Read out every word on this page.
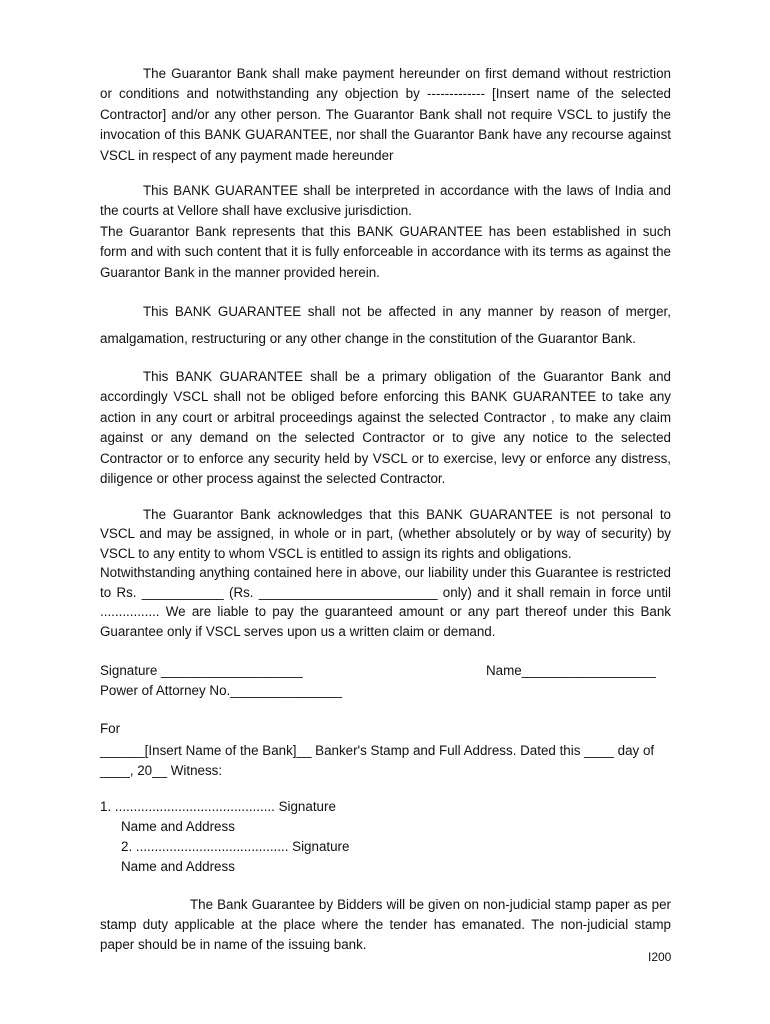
The Guarantor Bank shall make payment hereunder on first demand without restriction or conditions and notwithstanding any objection by ------------- [Insert name of the selected Contractor] and/or any other person. The Guarantor Bank shall not require VSCL to justify the invocation of this BANK GUARANTEE, nor shall the Guarantor Bank have any recourse against VSCL in respect of any payment made hereunder

This BANK GUARANTEE shall be interpreted in accordance with the laws of India and the courts at Vellore shall have exclusive jurisdiction.

The Guarantor Bank represents that this BANK GUARANTEE has been established in such form and with such content that it is fully enforceable in accordance with its terms as against the Guarantor Bank in the manner provided herein.

This BANK GUARANTEE shall not be affected in any manner by reason of merger, amalgamation, restructuring or any other change in the constitution of the Guarantor Bank.

This BANK GUARANTEE shall be a primary obligation of the Guarantor Bank and accordingly VSCL shall not be obliged before enforcing this BANK GUARANTEE to take any action in any court or arbitral proceedings against the selected Contractor , to make any claim against or any demand on the selected Contractor or to give any notice to the selected Contractor or to enforce any security held by VSCL or to exercise, levy or enforce any distress, diligence or other process against the selected Contractor.

The Guarantor Bank acknowledges that this BANK GUARANTEE is not personal to VSCL and may be assigned, in whole or in part, (whether absolutely or by way of security) by VSCL to any entity to whom VSCL is entitled to assign its rights and obligations.

Notwithstanding anything contained here in above, our liability under this Guarantee is restricted to Rs. ___________ (Rs. ________________________ only) and it shall remain in force until ................ We are liable to pay the guaranteed amount or any part thereof under this Bank Guarantee only if VSCL serves upon us a written claim or demand.

Signature ___________________	Name__________________
Power of Attorney No._______________
For
______[Insert Name of the Bank]__ Banker's Stamp and Full Address. Dated this ____ day of
____, 20__ Witness:
1. ........................................... Signature
Name and Address
2. ......................................... Signature
Name and Address

The Bank Guarantee by Bidders will be given on non-judicial stamp paper as per stamp duty applicable at the place where the tender has emanated. The non-judicial stamp paper should be in name of the issuing bank.

I200
